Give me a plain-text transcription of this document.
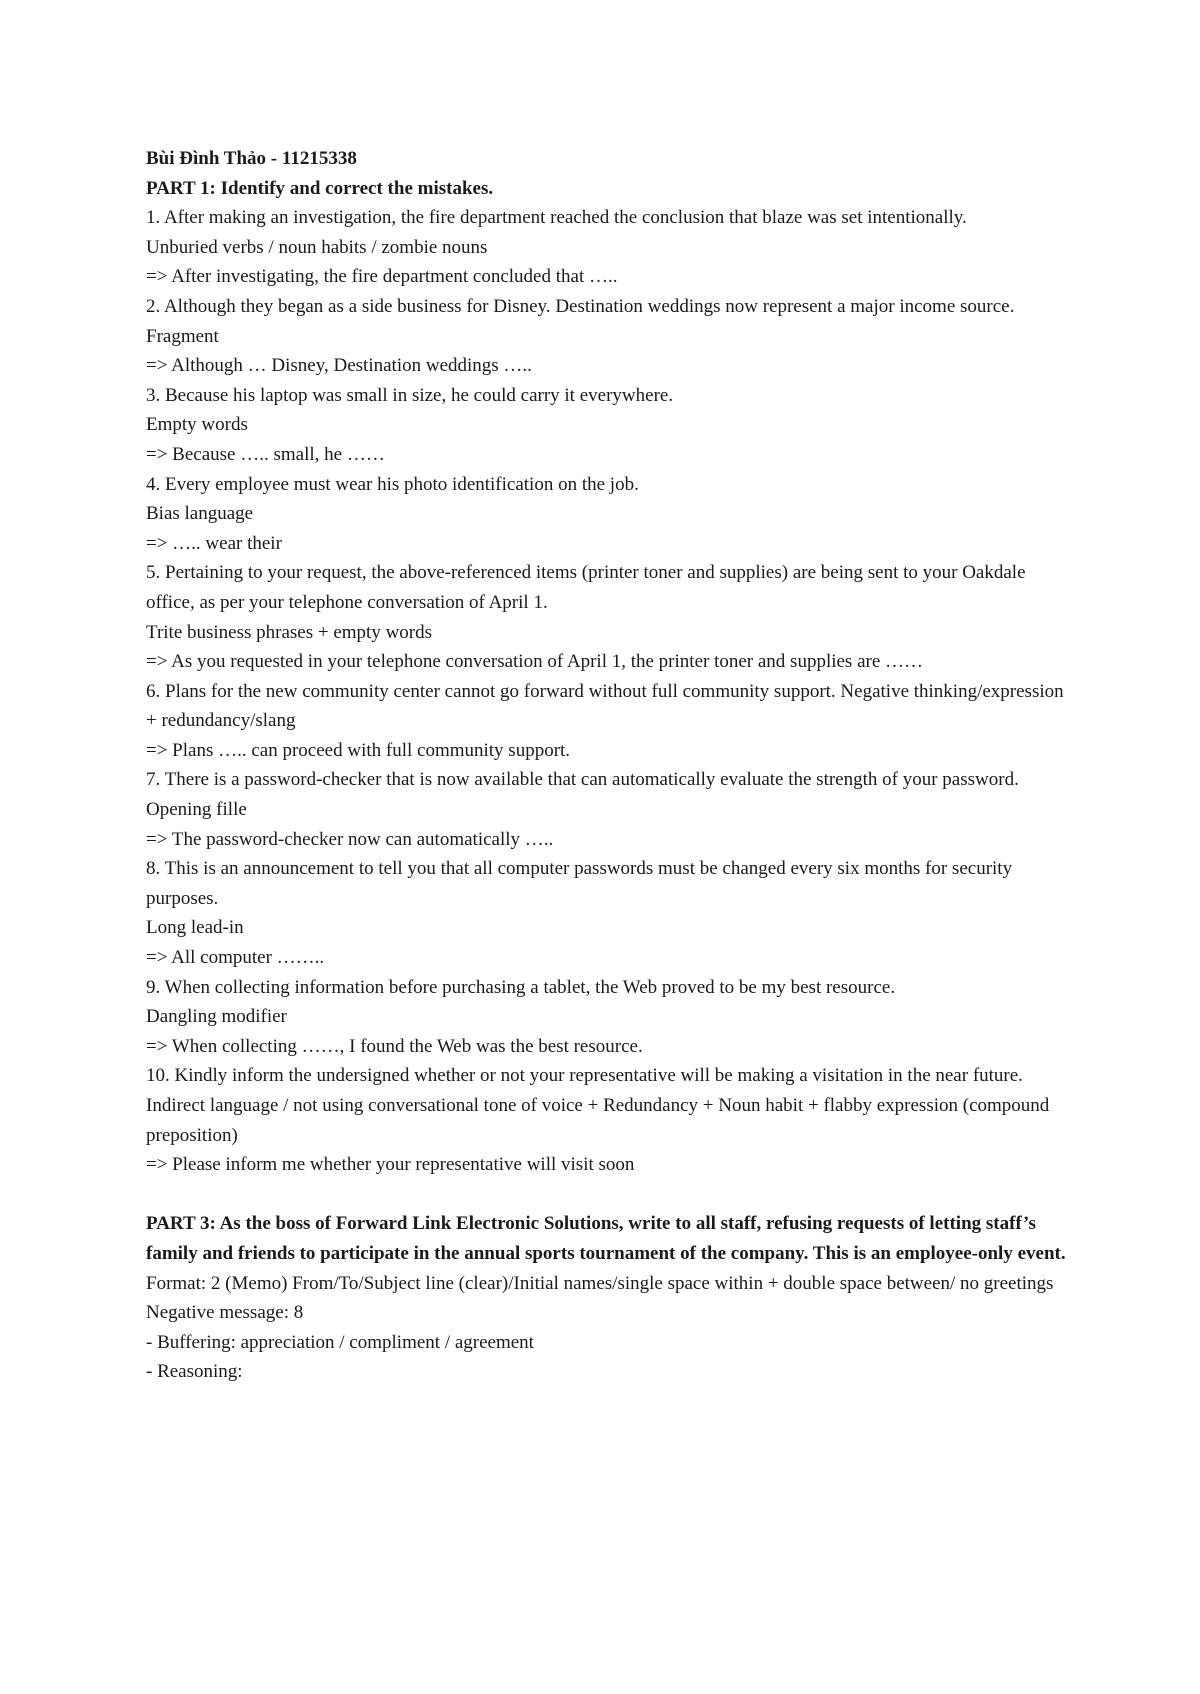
Bùi Đình Thảo - 11215338

PART 1: Identify and correct the mistakes.

1. After making an investigation, the fire department reached the conclusion that blaze was set intentionally.

Unburied verbs / noun habits / zombie nouns

=> After investigating, the fire department concluded that …..

2. Although they began as a side business for Disney. Destination weddings now represent a major income source.

Fragment

=> Although … Disney, Destination weddings …..

3. Because his laptop was small in size, he could carry it everywhere.

Empty words

=> Because ….. small, he ……

4. Every employee must wear his photo identification on the job.

Bias language

=> ….. wear their

5. Pertaining to your request, the above-referenced items (printer toner and supplies) are being sent to your Oakdale office, as per your telephone conversation of April 1.

Trite business phrases + empty words

=> As you requested in your telephone conversation of April 1, the printer toner and supplies are ……

6. Plans for the new community center cannot go forward without full community support. Negative thinking/expression + redundancy/slang

=> Plans ….. can proceed with full community support.

7. There is a password-checker that is now available that can automatically evaluate the strength of your password.

Opening fille

=> The password-checker now can automatically …..

8. This is an announcement to tell you that all computer passwords must be changed every six months for security purposes.

Long lead-in

=> All computer ……..

9. When collecting information before purchasing a tablet, the Web proved to be my best resource.

Dangling modifier

=> When collecting ……, I found the Web was the best resource.

10. Kindly inform the undersigned whether or not your representative will be making a visitation in the near future.

Indirect language / not using conversational tone of voice + Redundancy + Noun habit + flabby expression (compound preposition)

=> Please inform me whether your representative will visit soon

PART 3: As the boss of Forward Link Electronic Solutions, write to all staff, refusing requests of letting staff’s family and friends to participate in the annual sports tournament of the company. This is an employee-only event.

Format: 2 (Memo) From/To/Subject line (clear)/Initial names/single space within + double space between/ no greetings

Negative message: 8

- Buffering: appreciation / compliment / agreement

- Reasoning:
